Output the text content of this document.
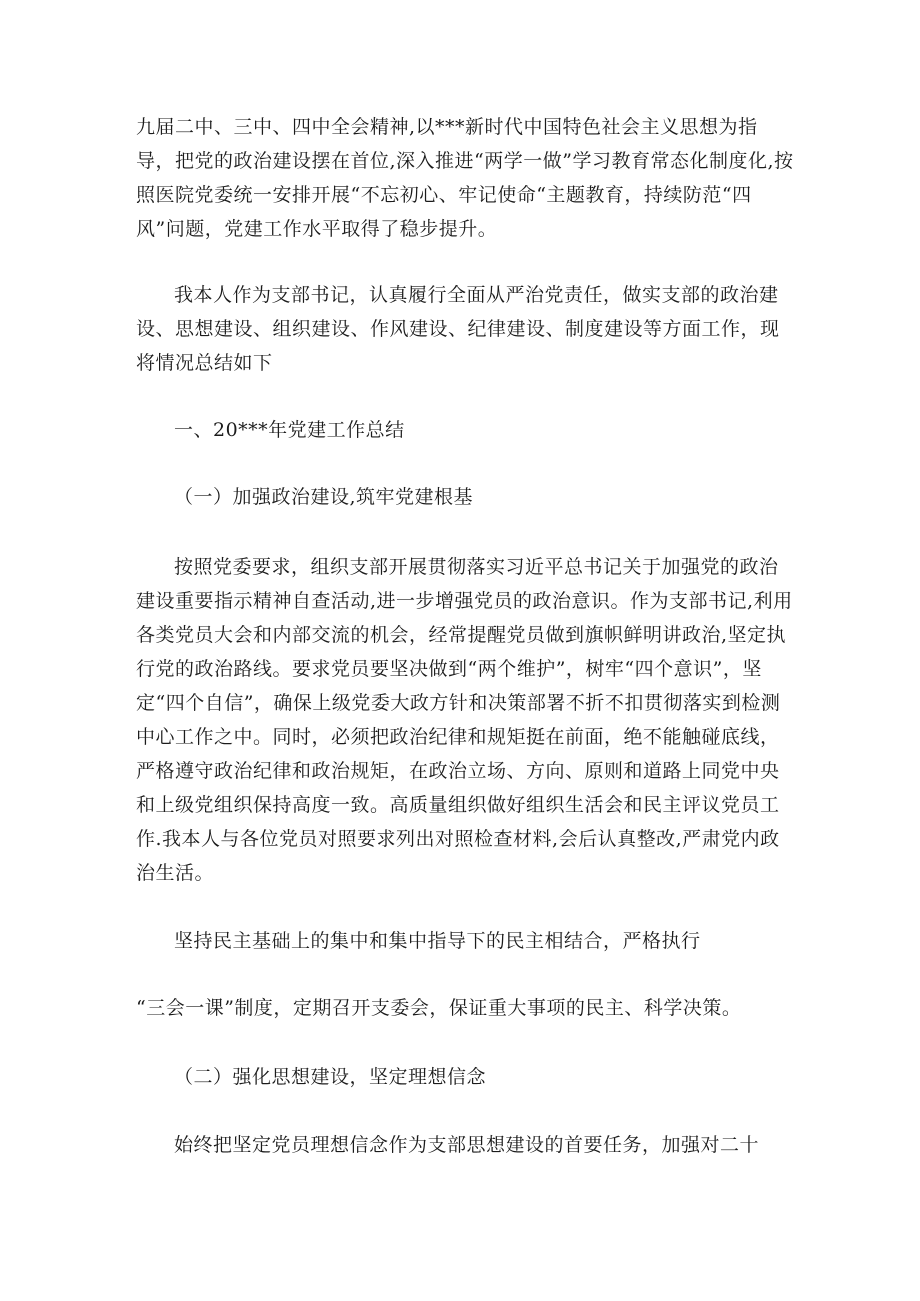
九届二中、三中、四中全会精神,以***新时代中国特色社会主义思想为指导，把党的政治建设摆在首位,深入推进“两学一做”学习教育常态化制度化,按照医院党委统一安排开展“不忘初心、牢记使命“主题教育，持续防范“四风”问题，党建工作水平取得了稳步提升。

我本人作为支部书记，认真履行全面从严治党责任，做实支部的政治建设、思想建设、组织建设、作风建设、纪律建设、制度建设等方面工作，现将情况总结如下

一、20***年党建工作总结

（一）加强政治建设,筑牢党建根基

按照党委要求，组织支部开展贯彻落实习近平总书记关于加强党的政治建设重要指示精神自查活动,进一步增强党员的政治意识。作为支部书记,利用各类党员大会和内部交流的机会，经常提醒党员做到旗帜鲜明讲政治,坚定执行党的政治路线。要求党员要坚决做到“两个维护”，树牢“四个意识”，坚定“四个自信”，确保上级党委大政方针和决策部署不折不扣贯彻落实到检测中心工作之中。同时，必须把政治纪律和规矩挺在前面，绝不能触碰底线，严格遵守政治纪律和政治规矩，在政治立场、方向、原则和道路上同党中央和上级党组织保持高度一致。高质量组织做好组织生活会和民主评议党员工作.我本人与各位党员对照要求列出对照检查材料,会后认真整改,严肃党内政治生活。

坚持民主基础上的集中和集中指导下的民主相结合，严格执行

“三会一课”制度，定期召开支委会，保证重大事项的民主、科学决策。

（二）强化思想建设，坚定理想信念

始终把坚定党员理想信念作为支部思想建设的首要任务，加强对二十
